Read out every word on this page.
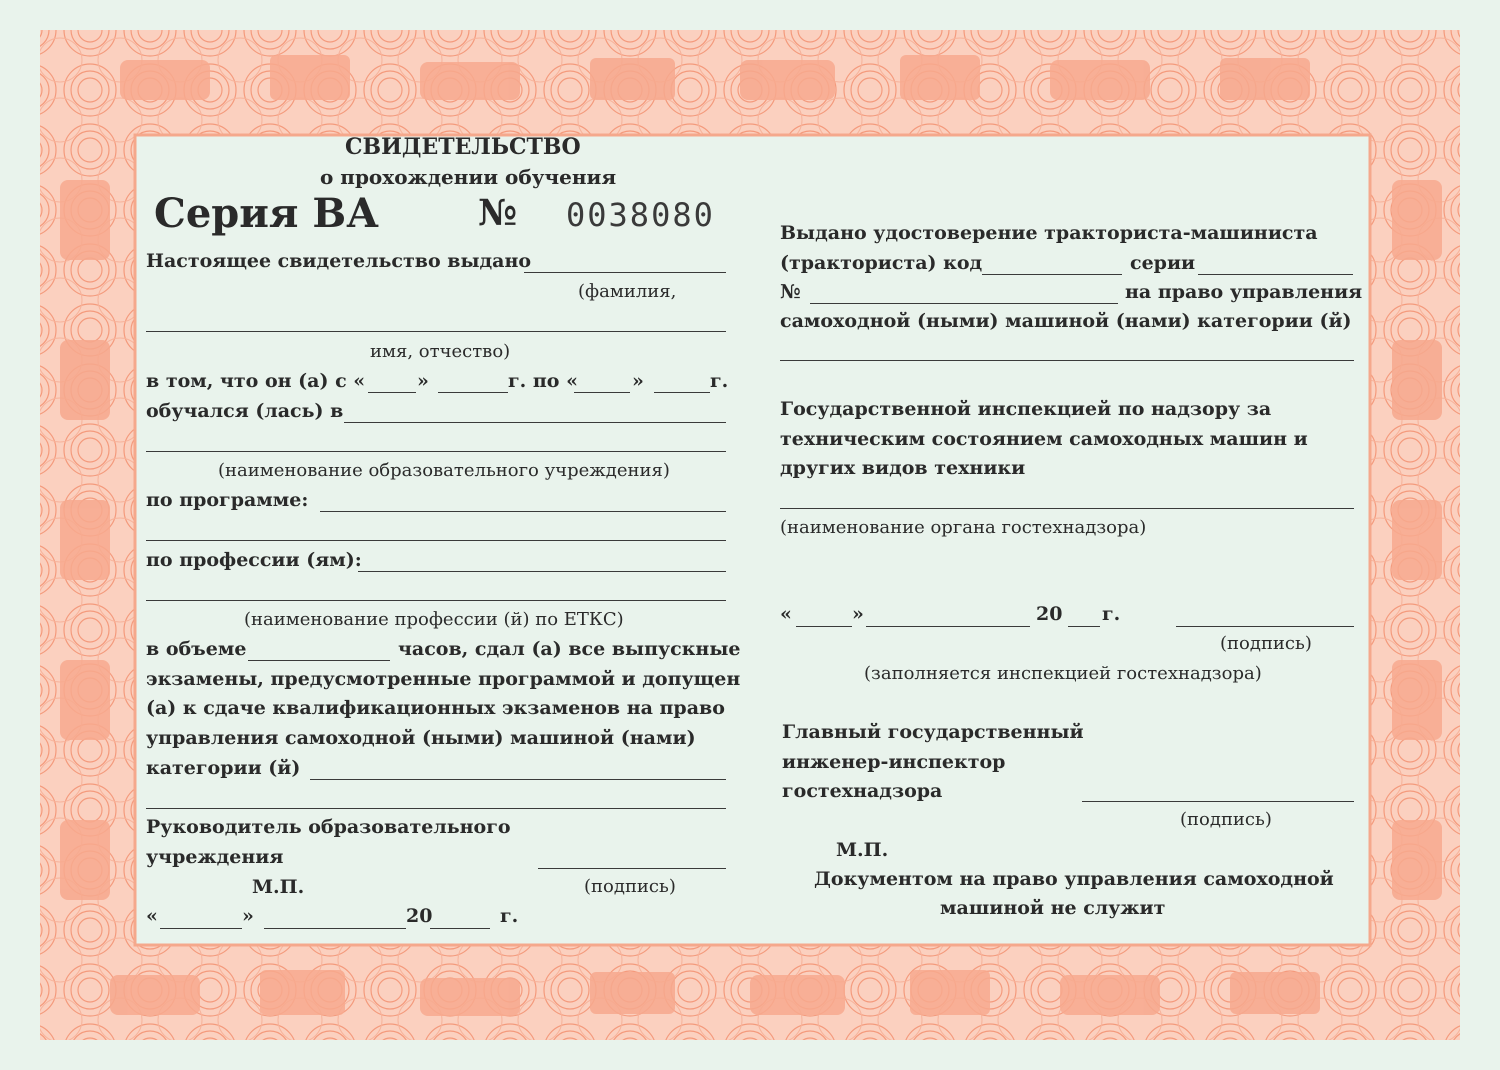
СВИДЕТЕЛЬСТВО
о прохождении обучения
Серия ВА	№ 0038080
Настоящее свидетельство выдано
(фамилия,
имя, отчество)
в том, что он (а) с «	»	г. по «	»	г.
обучался (лась) в
(наименование образовательного учреждения)
по программе:
по профессии (ям):
(наименование профессии (й) по ЕТКС)
в объеме	часов, сдал (а) все выпускные
экзамены, предусмотренные программой и допущен
(а) к сдаче квалификационных экзаменов на право
управления самоходной (ными) машиной (нами)
категории (й)
Руководитель образовательного
учреждения
М.П.	(подпись)
«	»	20	г.
Выдано удостоверение тракториста-машиниста
(тракториста) код	серии
№	на право управления
самоходной (ными) машиной (нами) категории (й)
Государственной инспекцией по надзору за
техническим состоянием самоходных машин и
других видов техники
(наименование органа гостехнадзора)
«	»	20 г.
(подпись)
(заполняется инспекцией гостехнадзора)
Главный государственный
инженер-инспектор
гостехнадзора
(подпись)
М.П.
Документом на право управления самоходной
машиной не служит
